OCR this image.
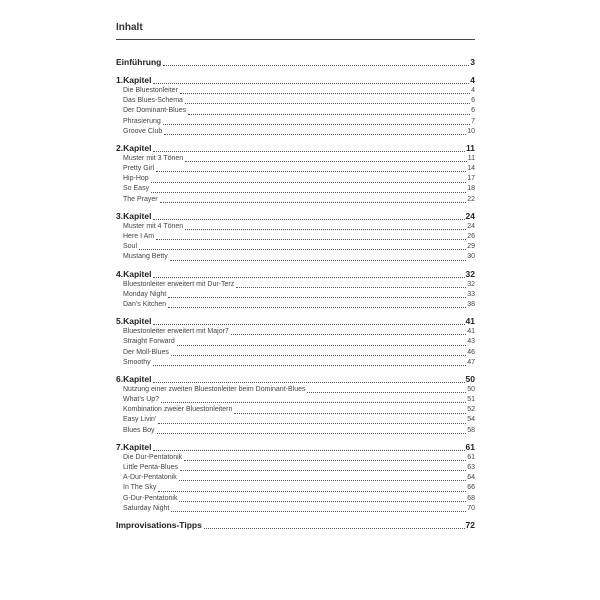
Inhalt
Einführung	3
1.Kapitel	4
Die Bluestonleiter	4
Das Blues-Schema	6
Der Dominant-Blues	6
Phrasierung	7
Groove Club	10
2.Kapitel	11
Muster mit 3 Tönen	11
Pretty Girl	14
Hip-Hop	17
So Easy	18
The Prayer	22
3.Kapitel	24
Muster mit 4 Tönen	24
Here I Am	26
Soul	29
Mustang Betty	30
4.Kapitel	32
Bluestonleiter erweitert mit Dur-Terz	32
Monday Night	33
Dan’s Kitchen	38
5.Kapitel	41
Bluestonleiter erweitert mit Major7	41
Straight Forward	43
Der Moll-Blues	46
Smoothy	47
6.Kapitel	50
Nutzung einer zweiten Bluestonleiter beim Dominant-Blues	50
What’s Up?	51
Kombination zweier Bluestonleitern	52
Easy Livin’	54
Blues Boy	58
7.Kapitel	61
Die Dur-Pentatonik	61
Little Penta-Blues	63
A-Dur-Pentatonik	64
In The Sky	66
G-Dur-Pentatonik	68
Saturday Night	70
Improvisations-Tipps	72
